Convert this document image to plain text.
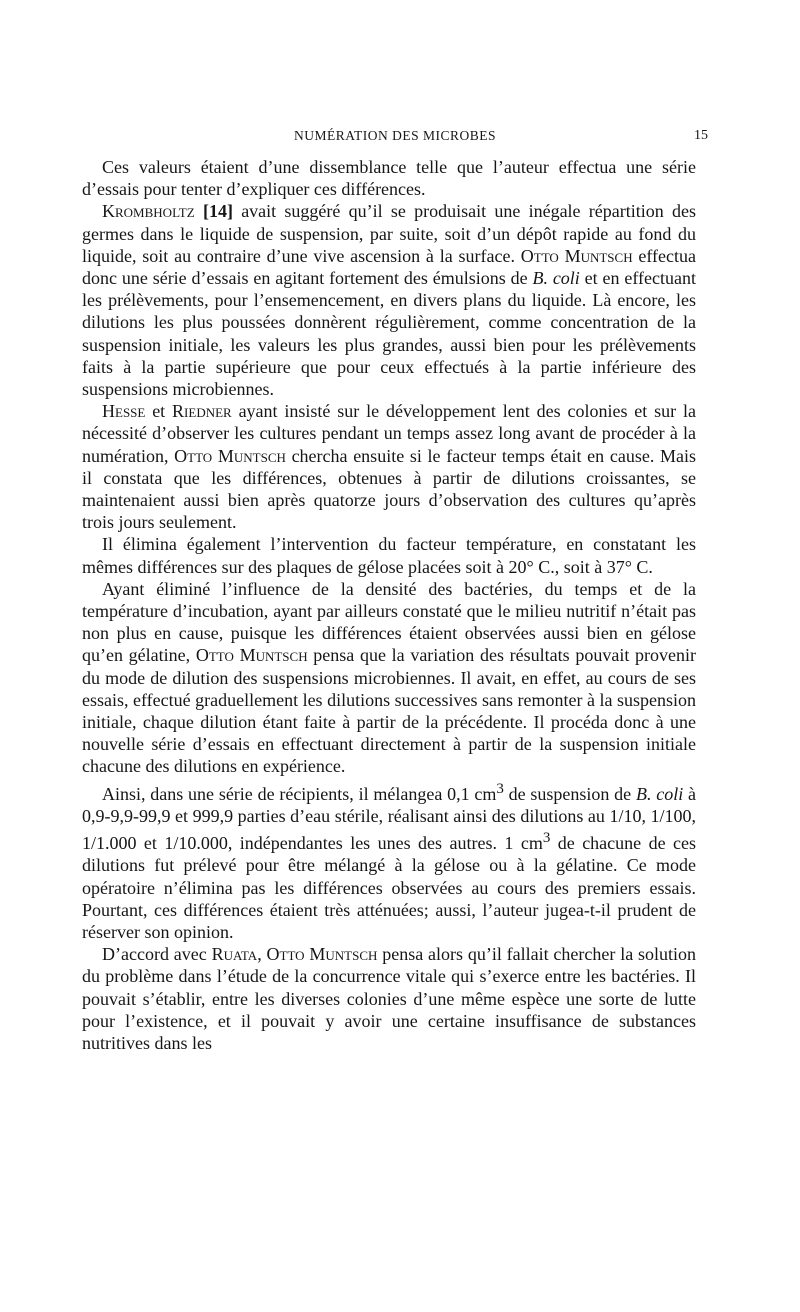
NUMÉRATION DES MICROBES	15

Ces valeurs étaient d’une dissemblance telle que l’auteur effectua une série d’essais pour tenter d’expliquer ces différences.

Krombholtz [14] avait suggéré qu’il se produisait une inégale répartition des germes dans le liquide de suspension, par suite, soit d’un dépôt rapide au fond du liquide, soit au contraire d’une vive ascension à la surface. Otto Muntsch effectua donc une série d’essais en agitant fortement des émulsions de B. coli et en effectuant les prélèvements, pour l’ensemencement, en divers plans du liquide. Là encore, les dilutions les plus poussées donnèrent régulièrement, comme concentration de la suspension initiale, les valeurs les plus grandes, aussi bien pour les prélèvements faits à la partie supérieure que pour ceux effectués à la partie inférieure des suspensions microbiennes.

Hesse et Riedner ayant insisté sur le développement lent des colonies et sur la nécessité d’observer les cultures pendant un temps assez long avant de procéder à la numération, Otto Muntsch chercha ensuite si le facteur temps était en cause. Mais il constata que les différences, obtenues à partir de dilutions croissantes, se maintenaient aussi bien après quatorze jours d’observation des cultures qu’après trois jours seulement.

Il élimina également l’intervention du facteur température, en constatant les mêmes différences sur des plaques de gélose placées soit à 20° C., soit à 37° C.

Ayant éliminé l’influence de la densité des bactéries, du temps et de la température d’incubation, ayant par ailleurs constaté que le milieu nutritif n’était pas non plus en cause, puisque les différences étaient observées aussi bien en gélose qu’en gélatine, Otto Muntsch pensa que la variation des résultats pouvait provenir du mode de dilution des suspensions microbiennes. Il avait, en effet, au cours de ses essais, effectué graduellement les dilutions successives sans remonter à la suspension initiale, chaque dilution étant faite à partir de la précédente. Il procéda donc à une nouvelle série d’essais en effectuant directement à partir de la suspension initiale chacune des dilutions en expérience.

Ainsi, dans une série de récipients, il mélangea 0,1 $cm^3$ de suspension de B. coli à 0,9-9,9-99,9 et 999,9 parties d’eau stérile, réalisant ainsi des dilutions au 1/10, 1/100, 1/1.000 et 1/10.000, indépendantes les unes des autres. 1 $cm^3$ de chacune de ces dilutions fut prélevé pour être mélangé à la gélose ou à la gélatine. Ce mode opératoire n’élimina pas les différences observées au cours des premiers essais. Pourtant, ces différences étaient très atténuées; aussi, l’auteur jugea-t-il prudent de réserver son opinion.

D’accord avec Ruata, Otto Muntsch pensa alors qu’il fallait chercher la solution du problème dans l’étude de la concurrence vitale qui s’exerce entre les bactéries. Il pouvait s’établir, entre les diverses colonies d’une même espèce une sorte de lutte pour l’existence, et il pouvait y avoir une certaine insuffisance de substances nutritives dans les
